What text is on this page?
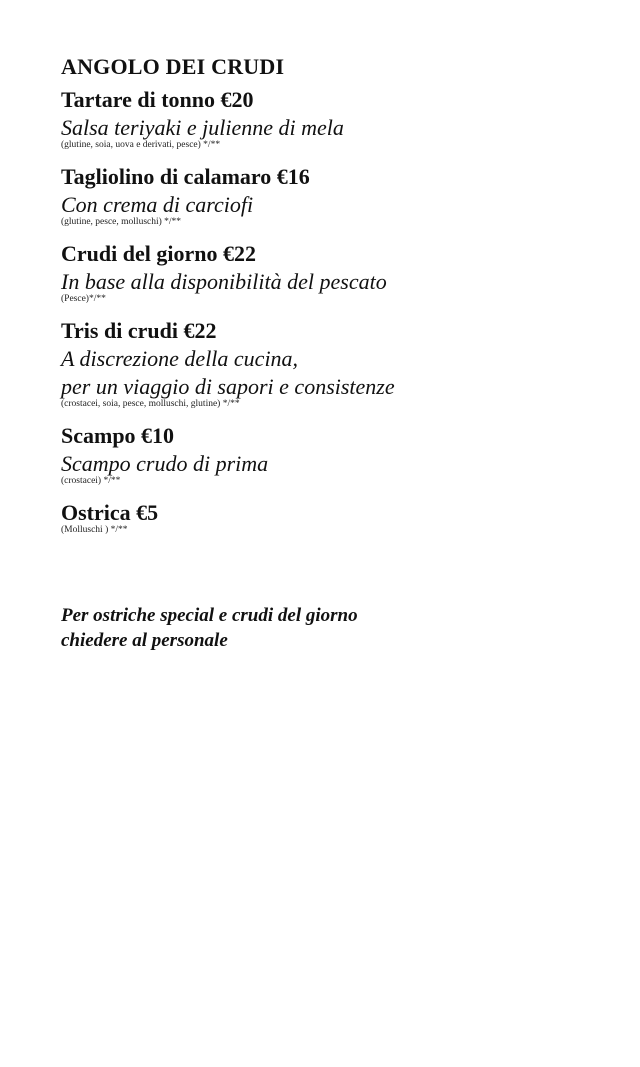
ANGOLO DEI CRUDI
Tartare di tonno €20
Salsa teriyaki e julienne di mela
(glutine, soia, uova e derivati, pesce) */**
Tagliolino di calamaro €16
Con crema di carciofi
(glutine, pesce, molluschi) */**
Crudi del giorno €22
In base alla disponibilità del pescato
(Pesce)*/**
Tris di crudi €22
A discrezione della cucina,
per un viaggio di sapori e consistenze
(crostacei, soia, pesce, molluschi, glutine) */**
Scampo €10
Scampo crudo di prima
(crostacei) */**
Ostrica €5
(Molluschi ) */**
Per ostriche special e crudi del giorno
chiedere al personale
